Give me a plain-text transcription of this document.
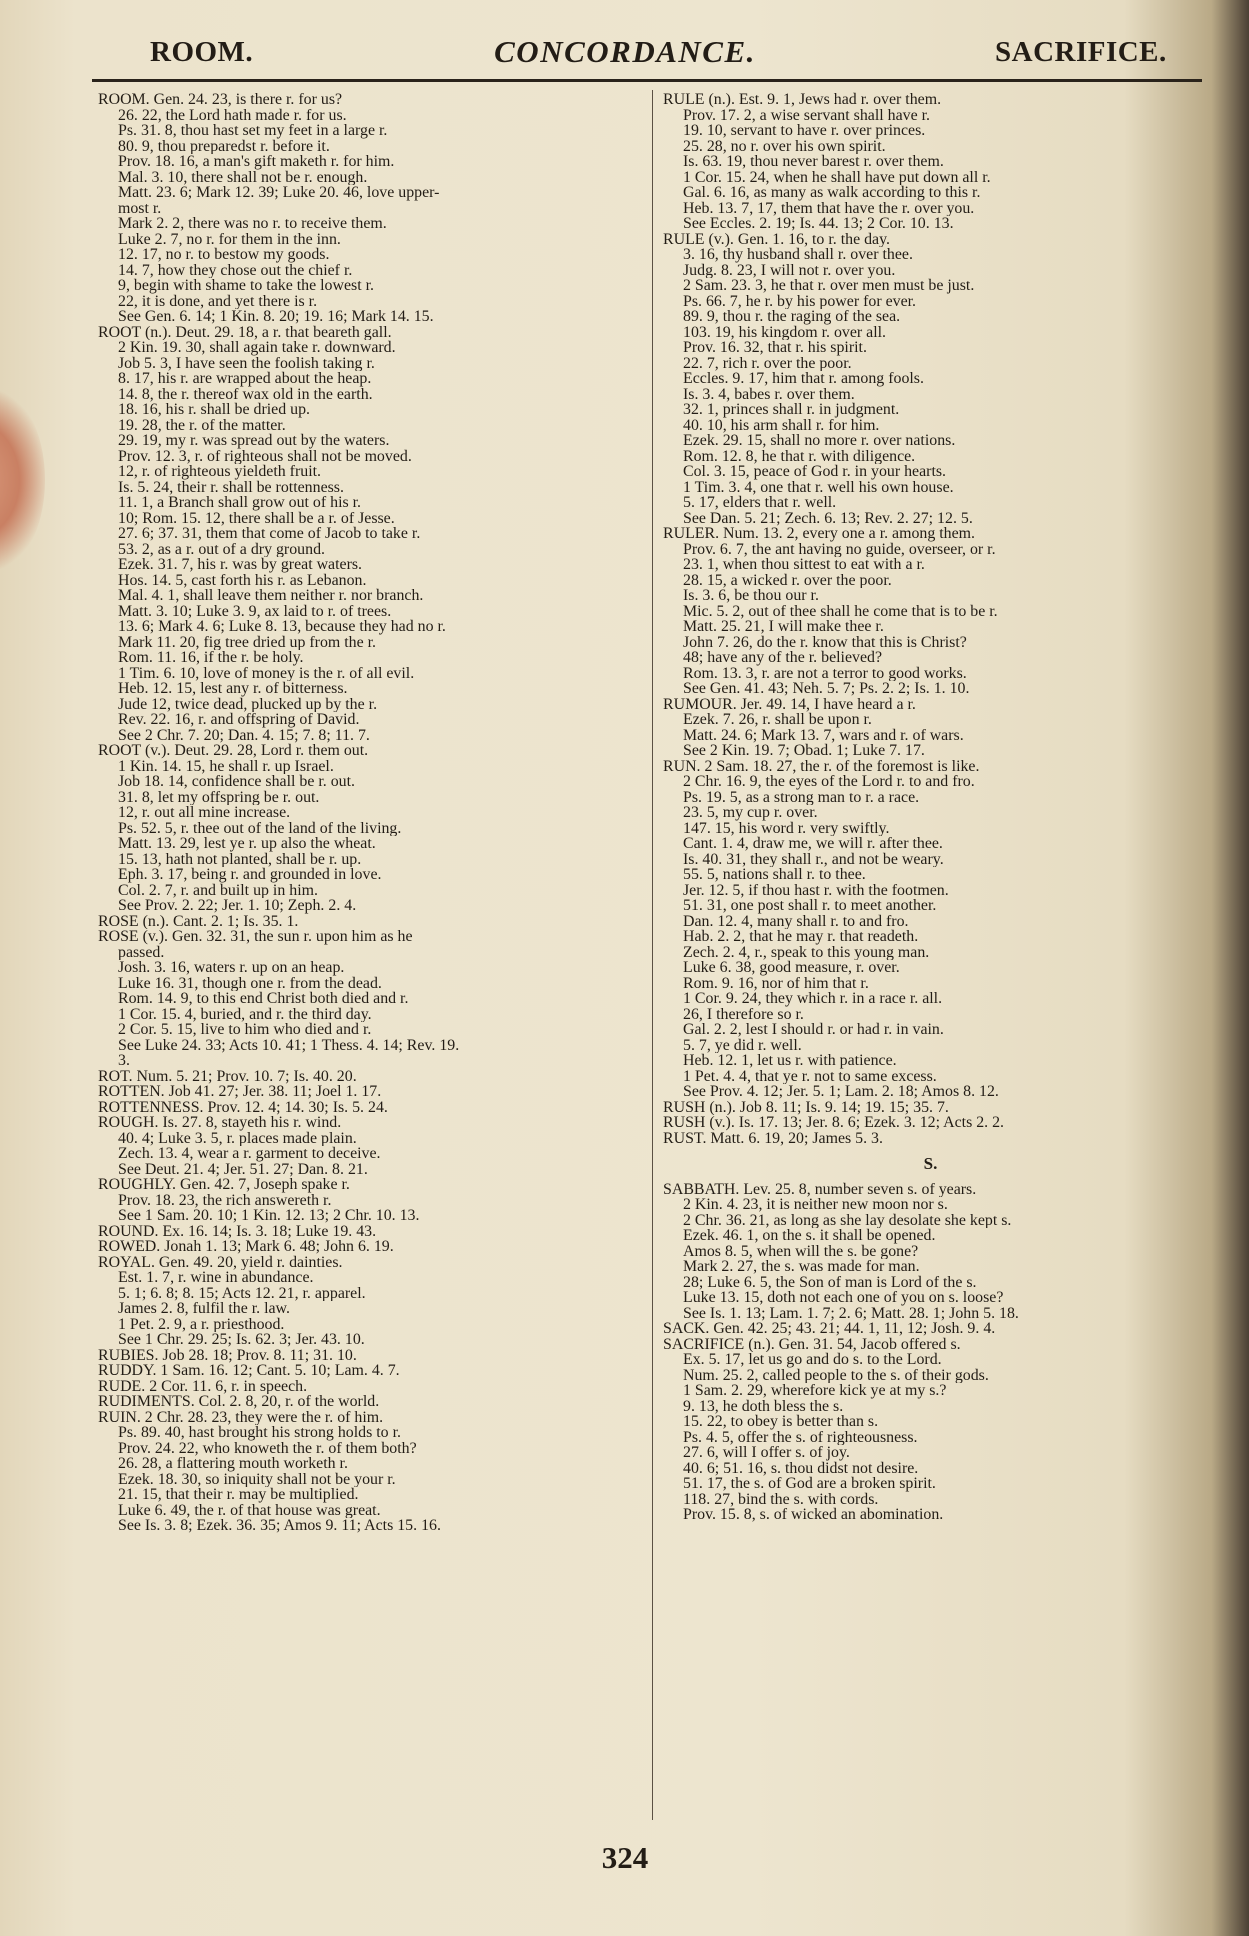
ROOM.	CONCORDANCE.	SACRIFICE.
ROOM. Gen. 24. 23, is there r. for us?
26. 22, the Lord hath made r. for us.
Ps. 31. 8, thou hast set my feet in a large r.
80. 9, thou preparedst r. before it.
Prov. 18. 16, a man's gift maketh r. for him.
Mal. 3. 10, there shall not be r. enough.
Matt. 23. 6; Mark 12. 39; Luke 20. 46, love upper-
most r.
Mark 2. 2, there was no r. to receive them.
Luke 2. 7, no r. for them in the inn.
12. 17, no r. to bestow my goods.
14. 7, how they chose out the chief r.
9, begin with shame to take the lowest r.
22, it is done, and yet there is r.
See Gen. 6. 14; 1 Kin. 8. 20; 19. 16; Mark 14. 15.
ROOT (n.). Deut. 29. 18, a r. that beareth gall.
2 Kin. 19. 30, shall again take r. downward.
Job 5. 3, I have seen the foolish taking r.
8. 17, his r. are wrapped about the heap.
14. 8, the r. thereof wax old in the earth.
18. 16, his r. shall be dried up.
19. 28, the r. of the matter.
29. 19, my r. was spread out by the waters.
Prov. 12. 3, r. of righteous shall not be moved.
12, r. of righteous yieldeth fruit.
Is. 5. 24, their r. shall be rottenness.
11. 1, a Branch shall grow out of his r.
10; Rom. 15. 12, there shall be a r. of Jesse.
27. 6; 37. 31, them that come of Jacob to take r.
53. 2, as a r. out of a dry ground.
Ezek. 31. 7, his r. was by great waters.
Hos. 14. 5, cast forth his r. as Lebanon.
Mal. 4. 1, shall leave them neither r. nor branch.
Matt. 3. 10; Luke 3. 9, ax laid to r. of trees.
13. 6; Mark 4. 6; Luke 8. 13, because they had no r.
Mark 11. 20, fig tree dried up from the r.
Rom. 11. 16, if the r. be holy.
1 Tim. 6. 10, love of money is the r. of all evil.
Heb. 12. 15, lest any r. of bitterness.
Jude 12, twice dead, plucked up by the r.
Rev. 22. 16, r. and offspring of David.
See 2 Chr. 7. 20; Dan. 4. 15; 7. 8; 11. 7.
ROOT (v.). Deut. 29. 28, Lord r. them out.
1 Kin. 14. 15, he shall r. up Israel.
Job 18. 14, confidence shall be r. out.
31. 8, let my offspring be r. out.
12, r. out all mine increase.
Ps. 52. 5, r. thee out of the land of the living.
Matt. 13. 29, lest ye r. up also the wheat.
15. 13, hath not planted, shall be r. up.
Eph. 3. 17, being r. and grounded in love.
Col. 2. 7, r. and built up in him.
See Prov. 2. 22; Jer. 1. 10; Zeph. 2. 4.
ROSE (n.). Cant. 2. 1; Is. 35. 1.
ROSE (v.). Gen. 32. 31, the sun r. upon him as he
passed.
Josh. 3. 16, waters r. up on an heap.
Luke 16. 31, though one r. from the dead.
Rom. 14. 9, to this end Christ both died and r.
1 Cor. 15. 4, buried, and r. the third day.
2 Cor. 5. 15, live to him who died and r.
See Luke 24. 33; Acts 10. 41; 1 Thess. 4. 14; Rev. 19.
3.
ROT. Num. 5. 21; Prov. 10. 7; Is. 40. 20.
ROTTEN. Job 41. 27; Jer. 38. 11; Joel 1. 17.
ROTTENNESS. Prov. 12. 4; 14. 30; Is. 5. 24.
ROUGH. Is. 27. 8, stayeth his r. wind.
40. 4; Luke 3. 5, r. places made plain.
Zech. 13. 4, wear a r. garment to deceive.
See Deut. 21. 4; Jer. 51. 27; Dan. 8. 21.
ROUGHLY. Gen. 42. 7, Joseph spake r.
Prov. 18. 23, the rich answereth r.
See 1 Sam. 20. 10; 1 Kin. 12. 13; 2 Chr. 10. 13.
ROUND. Ex. 16. 14; Is. 3. 18; Luke 19. 43.
ROWED. Jonah 1. 13; Mark 6. 48; John 6. 19.
ROYAL. Gen. 49. 20, yield r. dainties.
Est. 1. 7, r. wine in abundance.
5. 1; 6. 8; 8. 15; Acts 12. 21, r. apparel.
James 2. 8, fulfil the r. law.
1 Pet. 2. 9, a r. priesthood.
See 1 Chr. 29. 25; Is. 62. 3; Jer. 43. 10.
RUBIES. Job 28. 18; Prov. 8. 11; 31. 10.
RUDDY. 1 Sam. 16. 12; Cant. 5. 10; Lam. 4. 7.
RUDE. 2 Cor. 11. 6, r. in speech.
RUDIMENTS. Col. 2. 8, 20, r. of the world.
RUIN. 2 Chr. 28. 23, they were the r. of him.
Ps. 89. 40, hast brought his strong holds to r.
Prov. 24. 22, who knoweth the r. of them both?
26. 28, a flattering mouth worketh r.
Ezek. 18. 30, so iniquity shall not be your r.
21. 15, that their r. may be multiplied.
Luke 6. 49, the r. of that house was great.
See Is. 3. 8; Ezek. 36. 35; Amos 9. 11; Acts 15. 16.
RULE (n.). Est. 9. 1, Jews had r. over them.
Prov. 17. 2, a wise servant shall have r.
19. 10, servant to have r. over princes.
25. 28, no r. over his own spirit.
Is. 63. 19, thou never barest r. over them.
1 Cor. 15. 24, when he shall have put down all r.
Gal. 6. 16, as many as walk according to this r.
Heb. 13. 7, 17, them that have the r. over you.
See Eccles. 2. 19; Is. 44. 13; 2 Cor. 10. 13.
RULE (v.). Gen. 1. 16, to r. the day.
3. 16, thy husband shall r. over thee.
Judg. 8. 23, I will not r. over you.
2 Sam. 23. 3, he that r. over men must be just.
Ps. 66. 7, he r. by his power for ever.
89. 9, thou r. the raging of the sea.
103. 19, his kingdom r. over all.
Prov. 16. 32, that r. his spirit.
22. 7, rich r. over the poor.
Eccles. 9. 17, him that r. among fools.
Is. 3. 4, babes r. over them.
32. 1, princes shall r. in judgment.
40. 10, his arm shall r. for him.
Ezek. 29. 15, shall no more r. over nations.
Rom. 12. 8, he that r. with diligence.
Col. 3. 15, peace of God r. in your hearts.
1 Tim. 3. 4, one that r. well his own house.
5. 17, elders that r. well.
See Dan. 5. 21; Zech. 6. 13; Rev. 2. 27; 12. 5.
RULER. Num. 13. 2, every one a r. among them.
Prov. 6. 7, the ant having no guide, overseer, or r.
23. 1, when thou sittest to eat with a r.
28. 15, a wicked r. over the poor.
Is. 3. 6, be thou our r.
Mic. 5. 2, out of thee shall he come that is to be r.
Matt. 25. 21, I will make thee r.
John 7. 26, do the r. know that this is Christ?
48; have any of the r. believed?
Rom. 13. 3, r. are not a terror to good works.
See Gen. 41. 43; Neh. 5. 7; Ps. 2. 2; Is. 1. 10.
RUMOUR. Jer. 49. 14, I have heard a r.
Ezek. 7. 26, r. shall be upon r.
Matt. 24. 6; Mark 13. 7, wars and r. of wars.
See 2 Kin. 19. 7; Obad. 1; Luke 7. 17.
RUN. 2 Sam. 18. 27, the r. of the foremost is like.
2 Chr. 16. 9, the eyes of the Lord r. to and fro.
Ps. 19. 5, as a strong man to r. a race.
23. 5, my cup r. over.
147. 15, his word r. very swiftly.
Cant. 1. 4, draw me, we will r. after thee.
Is. 40. 31, they shall r., and not be weary.
55. 5, nations shall r. to thee.
Jer. 12. 5, if thou hast r. with the footmen.
51. 31, one post shall r. to meet another.
Dan. 12. 4, many shall r. to and fro.
Hab. 2. 2, that he may r. that readeth.
Zech. 2. 4, r., speak to this young man.
Luke 6. 38, good measure, r. over.
Rom. 9. 16, nor of him that r.
1 Cor. 9. 24, they which r. in a race r. all.
26, I therefore so r.
Gal. 2. 2, lest I should r. or had r. in vain.
5. 7, ye did r. well.
Heb. 12. 1, let us r. with patience.
1 Pet. 4. 4, that ye r. not to same excess.
See Prov. 4. 12; Jer. 5. 1; Lam. 2. 18; Amos 8. 12.
RUSH (n.). Job 8. 11; Is. 9. 14; 19. 15; 35. 7.
RUSH (v.). Is. 17. 13; Jer. 8. 6; Ezek. 3. 12; Acts 2. 2.
RUST. Matt. 6. 19, 20; James 5. 3.
S.
SABBATH. Lev. 25. 8, number seven s. of years.
2 Kin. 4. 23, it is neither new moon nor s.
2 Chr. 36. 21, as long as she lay desolate she kept s.
Ezek. 46. 1, on the s. it shall be opened.
Amos 8. 5, when will the s. be gone?
Mark 2. 27, the s. was made for man.
28; Luke 6. 5, the Son of man is Lord of the s.
Luke 13. 15, doth not each one of you on s. loose?
See Is. 1. 13; Lam. 1. 7; 2. 6; Matt. 28. 1; John 5. 18.
SACK. Gen. 42. 25; 43. 21; 44. 1, 11, 12; Josh. 9. 4.
SACRIFICE (n.). Gen. 31. 54, Jacob offered s.
Ex. 5. 17, let us go and do s. to the Lord.
Num. 25. 2, called people to the s. of their gods.
1 Sam. 2. 29, wherefore kick ye at my s.?
9. 13, he doth bless the s.
15. 22, to obey is better than s.
Ps. 4. 5, offer the s. of righteousness.
27. 6, will I offer s. of joy.
40. 6; 51. 16, s. thou didst not desire.
51. 17, the s. of God are a broken spirit.
118. 27, bind the s. with cords.
Prov. 15. 8, s. of wicked an abomination.
324
